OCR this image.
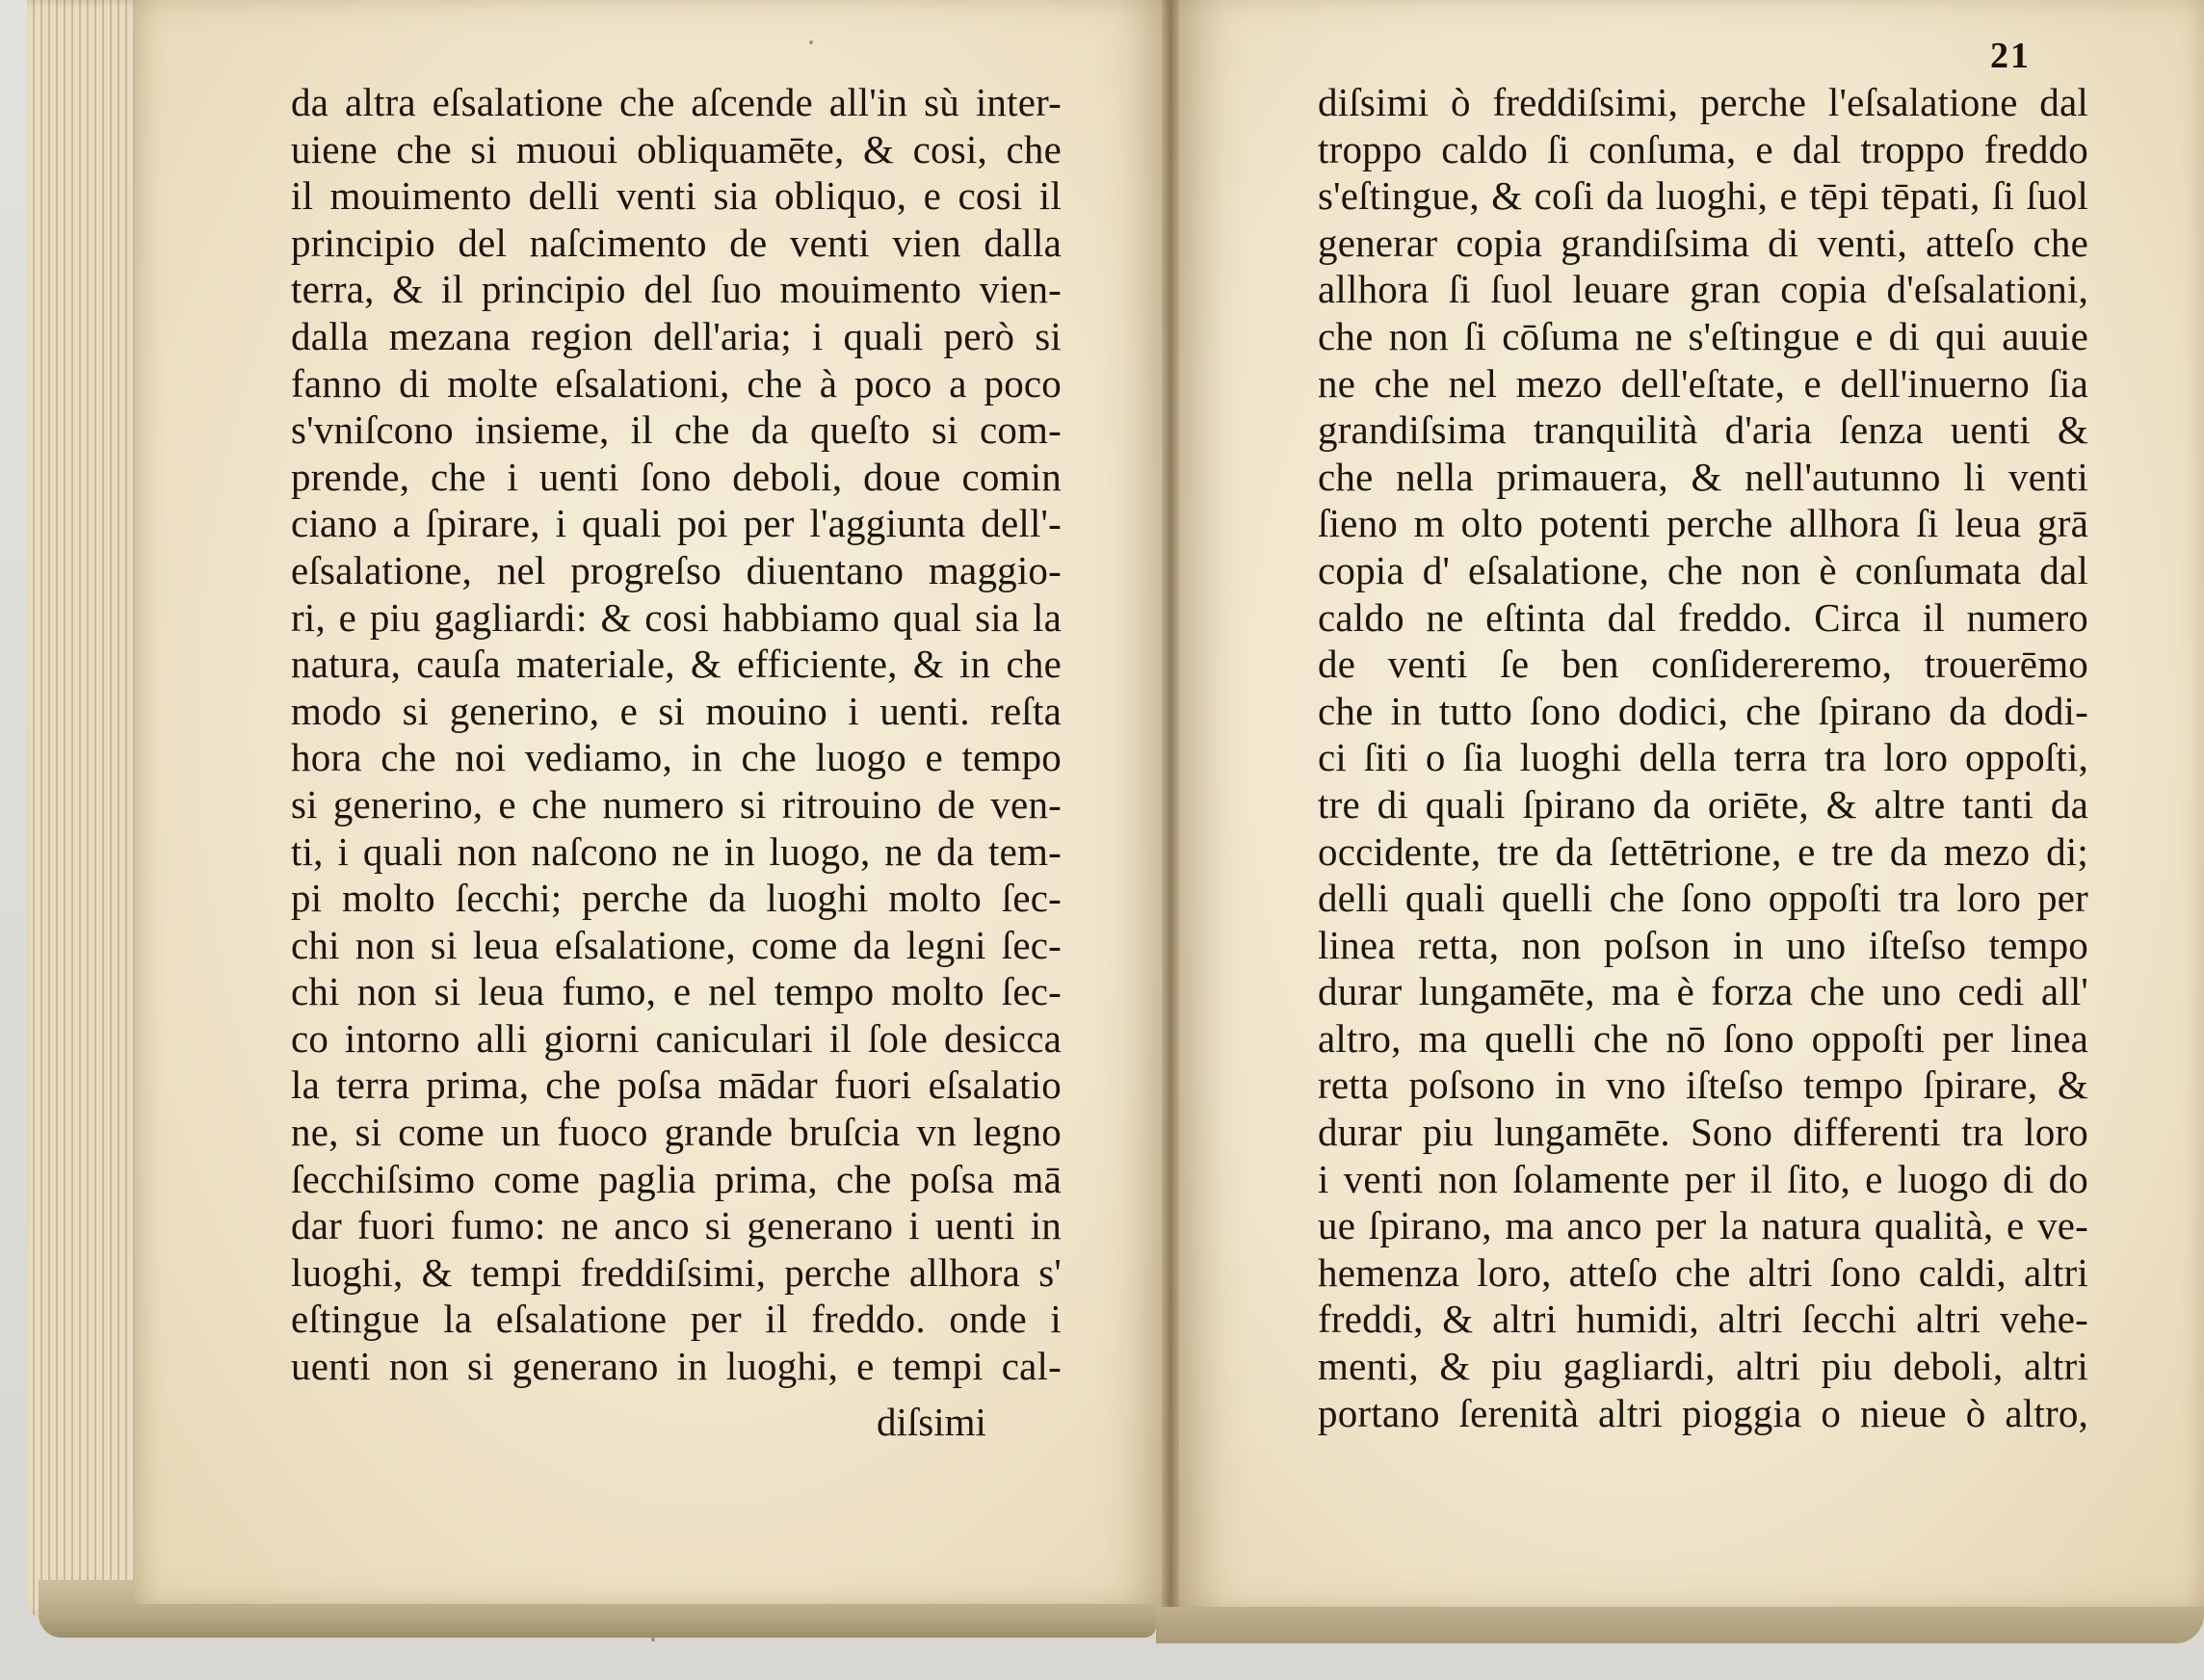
21
da altra eſsalatione che aſcende all'in sù inter-
uiene che si muoui obliquamēte, & cosi, che
il mouimento delli venti sia obliquo, e cosi il
principio del naſcimento de venti vien dalla
terra, & il principio del ſuo mouimento vien-
dalla mezana region dell'aria; i quali però si
fanno di molte eſsalationi, che à poco a poco
s'vniſcono insieme, il che da queſto si com-
prende, che i uenti ſono deboli, doue comin
ciano a ſpirare, i quali poi per l'aggiunta dell'-
eſsalatione, nel progreſso diuentano maggio-
ri, e piu gagliardi: & cosi habbiamo qual sia la
natura, cauſa materiale, & efficiente, & in che
modo si generino, e si mouino i uenti. reſta
hora che noi vediamo, in che luogo e tempo
si generino, e che numero si ritrouino de ven-
ti, i quali non naſcono ne in luogo, ne da tem-
pi molto ſecchi; perche da luoghi molto ſec-
chi non si leua eſsalatione, come da legni ſec-
chi non si leua fumo, e nel tempo molto ſec-
co intorno alli giorni caniculari il ſole desicca
la terra prima, che poſsa mādar fuori eſsalatio
ne, si come un fuoco grande bruſcia vn legno
ſecchiſsimo come paglia prima, che poſsa mā
dar fuori fumo: ne anco si generano i uenti in
luoghi, & tempi freddiſsimi, perche allhora s'
eſtingue la eſsalatione per il freddo. onde i
uenti non si generano in luoghi, e tempi cal-
diſsimi
diſsimi ò freddiſsimi, perche l'eſsalatione dal
troppo caldo ſi conſuma, e dal troppo freddo
s'eſtingue, & coſi da luoghi, e tēpi tēpati, ſi ſuol
generar copia grandiſsima di venti, atteſo che
allhora ſi ſuol leuare gran copia d'eſsalationi,
che non ſi cōſuma ne s'eſtingue e di qui auuie
ne che nel mezo dell'eſtate, e dell'inuerno ſia
grandiſsima tranquilità d'aria ſenza uenti &
che nella primauera, & nell'autunno li venti
ſieno m olto potenti perche allhora ſi leua grā
copia d' eſsalatione, che non è conſumata dal
caldo ne eſtinta dal freddo. Circa il numero
de venti ſe ben conſidereremo, trouerēmo
che in tutto ſono dodici, che ſpirano da dodi-
ci ſiti o ſia luoghi della terra tra loro oppoſti,
tre di quali ſpirano da oriēte, & altre tanti da
occidente, tre da ſettētrione, e tre da mezo di;
delli quali quelli che ſono oppoſti tra loro per
linea retta, non poſson in uno iſteſso tempo
durar lungamēte, ma è forza che uno cedi all'
altro, ma quelli che nō ſono oppoſti per linea
retta poſsono in vno iſteſso tempo ſpirare, &
durar piu lungamēte. Sono differenti tra loro
i venti non ſolamente per il ſito, e luogo di do
ue ſpirano, ma anco per la natura qualità, e ve-
hemenza loro, atteſo che altri ſono caldi, altri
freddi, & altri humidi, altri ſecchi altri vehe-
menti, & piu gagliardi, altri piu deboli, altri
portano ſerenità altri pioggia o nieue ò altro,
